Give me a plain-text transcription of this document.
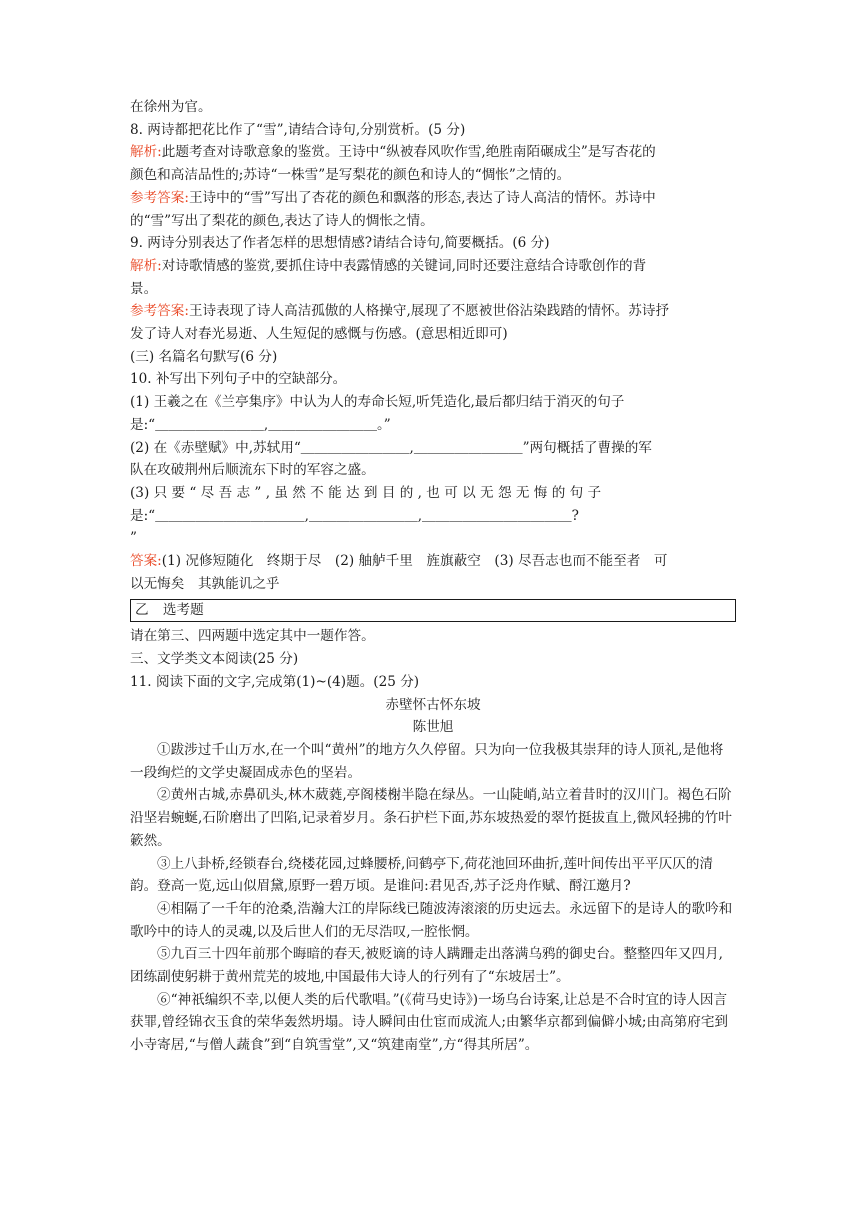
在徐州为官。
8. 两诗都把花比作了“雪”,请结合诗句,分别赏析。(5 分)
解析:此题考查对诗歌意象的鉴赏。王诗中“纵被春风吹作雪,绝胜南陌碾成尘”是写杏花的
颜色和高洁品性的;苏诗“一株雪”是写梨花的颜色和诗人的“惆怅”之情的。
参考答案:王诗中的“雪”写出了杏花的颜色和飘落的形态,表达了诗人高洁的情怀。苏诗中
的“雪”写出了梨花的颜色,表达了诗人的惆怅之情。
9. 两诗分别表达了作者怎样的思想情感?请结合诗句,简要概括。(6 分)
解析:对诗歌情感的鉴赏,要抓住诗中表露情感的关键词,同时还要注意结合诗歌创作的背
景。
参考答案:王诗表现了诗人高洁孤傲的人格操守,展现了不愿被世俗沾染践踏的情怀。苏诗抒
发了诗人对春光易逝、人生短促的感慨与伤感。(意思相近即可)
(三) 名篇名句默写(6 分)
10. 补写出下列句子中的空缺部分。
(1) 王羲之在《兰亭集序》中认为人的寿命长短,听凭造化,最后都归结于消灭的句子
是:“＿＿＿＿＿＿＿＿,＿＿＿＿＿＿＿＿。”
(2) 在《赤壁赋》中,苏轼用“＿＿＿＿＿＿＿＿,＿＿＿＿＿＿＿＿”两句概括了曹操的军
队在攻破荆州后顺流东下时的军容之盛。
(3) 只 要 “ 尽 吾 志 ” , 虽 然 不 能 达 到 目 的 , 也 可 以 无 怨 无 悔 的 句 子
是:“＿＿＿＿＿＿＿＿＿＿＿,＿＿＿＿＿＿＿＿,＿＿＿＿＿＿＿＿＿＿＿?
”
答案:(1) 况修短随化　终期于尽　(2) 舳舻千里　旌旗蔽空　(3) 尽吾志也而不能至者　可
以无悔矣　其孰能讥之乎
乙 选考题
请在第三、四两题中选定其中一题作答。
三、文学类文本阅读(25 分)
11. 阅读下面的文字,完成第(1)~(4)题。(25 分)
赤壁怀古怀东坡
陈世旭
①跋涉过千山万水,在一个叫“黄州”的地方久久停留。只为向一位我极其崇拜的诗人顶礼,是他将一段绚烂的文学史凝固成赤色的坚岩。
②黄州古城,赤鼻矶头,林木葳蕤,亭阁楼榭半隐在绿丛。一山陡峭,站立着昔时的汉川门。褐色石阶沿坚岩蜿蜒,石阶磨出了凹陷,记录着岁月。条石护栏下面,苏东坡热爱的翠竹挺拔直上,微风轻拂的竹叶簌然。
③上八卦桥,经锁春台,绕楼花园,过蜂腰桥,问鹤亭下,荷花池回环曲折,莲叶间传出平平仄仄的清韵。登高一览,远山似眉黛,原野一碧万顷。是谁问:君见否,苏子泛舟作赋、酹江邀月?
④相隔了一千年的沧桑,浩瀚大江的岸际线已随波涛滚滚的历史远去。永远留下的是诗人的歌吟和歌吟中的诗人的灵魂,以及后世人们的无尽浩叹,一腔怅惘。
⑤九百三十四年前那个晦暗的春天,被贬谪的诗人蹒跚走出落满乌鸦的御史台。整整四年又四月,团练副使躬耕于黄州荒芜的坡地,中国最伟大诗人的行列有了“东坡居士”。
⑥“神祇编织不幸,以便人类的后代歌唱。”(《荷马史诗》)一场乌台诗案,让总是不合时宜的诗人因言获罪,曾经锦衣玉食的荣华轰然坍塌。诗人瞬间由仕宦而成流人;由繁华京都到偏僻小城;由高第府宅到小寺寄居,“与僧人蔬食”到“自筑雪堂”,又“筑建南堂”,方“得其所居”。
